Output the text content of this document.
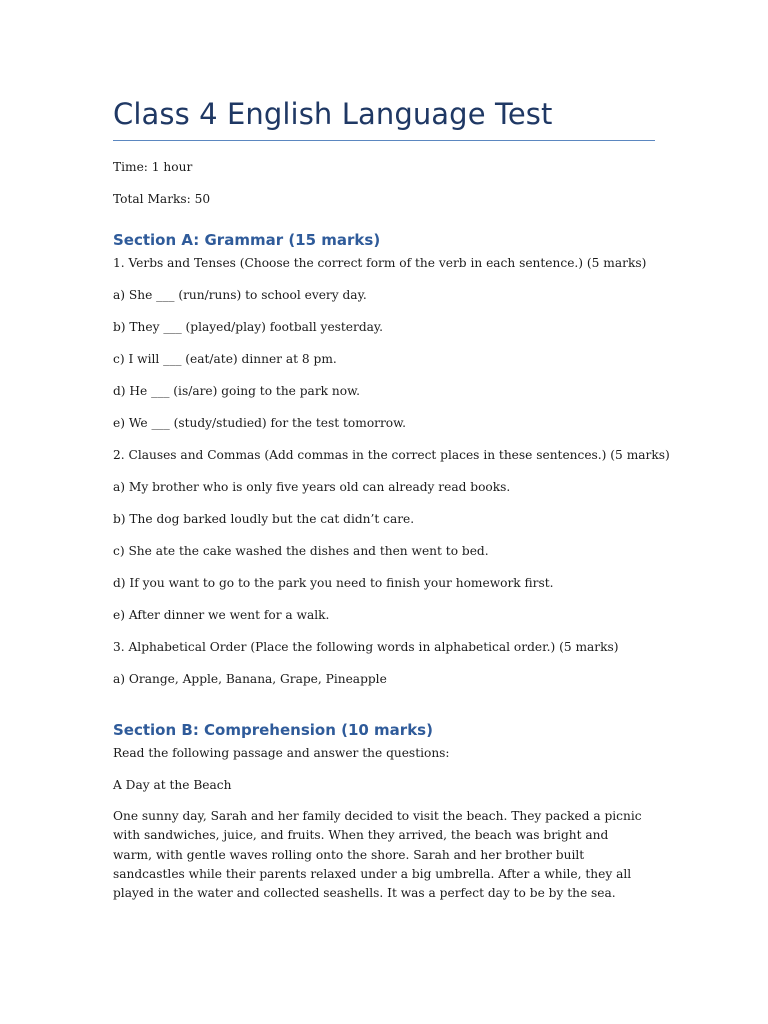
Class 4 English Language Test

Time: 1 hour

Total Marks: 50

Section A: Grammar (15 marks)

1. Verbs and Tenses (Choose the correct form of the verb in each sentence.) (5 marks)

a) She ___ (run/runs) to school every day.

b) They ___ (played/play) football yesterday.

c) I will ___ (eat/ate) dinner at 8 pm.

d) He ___ (is/are) going to the park now.

e) We ___ (study/studied) for the test tomorrow.

2. Clauses and Commas (Add commas in the correct places in these sentences.) (5 marks)

a) My brother who is only five years old can already read books.

b) The dog barked loudly but the cat didn’t care.

c) She ate the cake washed the dishes and then went to bed.

d) If you want to go to the park you need to finish your homework first.

e) After dinner we went for a walk.

3. Alphabetical Order (Place the following words in alphabetical order.) (5 marks)

a) Orange, Apple, Banana, Grape, Pineapple

Section B: Comprehension (10 marks)

Read the following passage and answer the questions:

A Day at the Beach

One sunny day, Sarah and her family decided to visit the beach. They packed a picnic with sandwiches, juice, and fruits. When they arrived, the beach was bright and warm, with gentle waves rolling onto the shore. Sarah and her brother built sandcastles while their parents relaxed under a big umbrella. After a while, they all played in the water and collected seashells. It was a perfect day to be by the sea.
